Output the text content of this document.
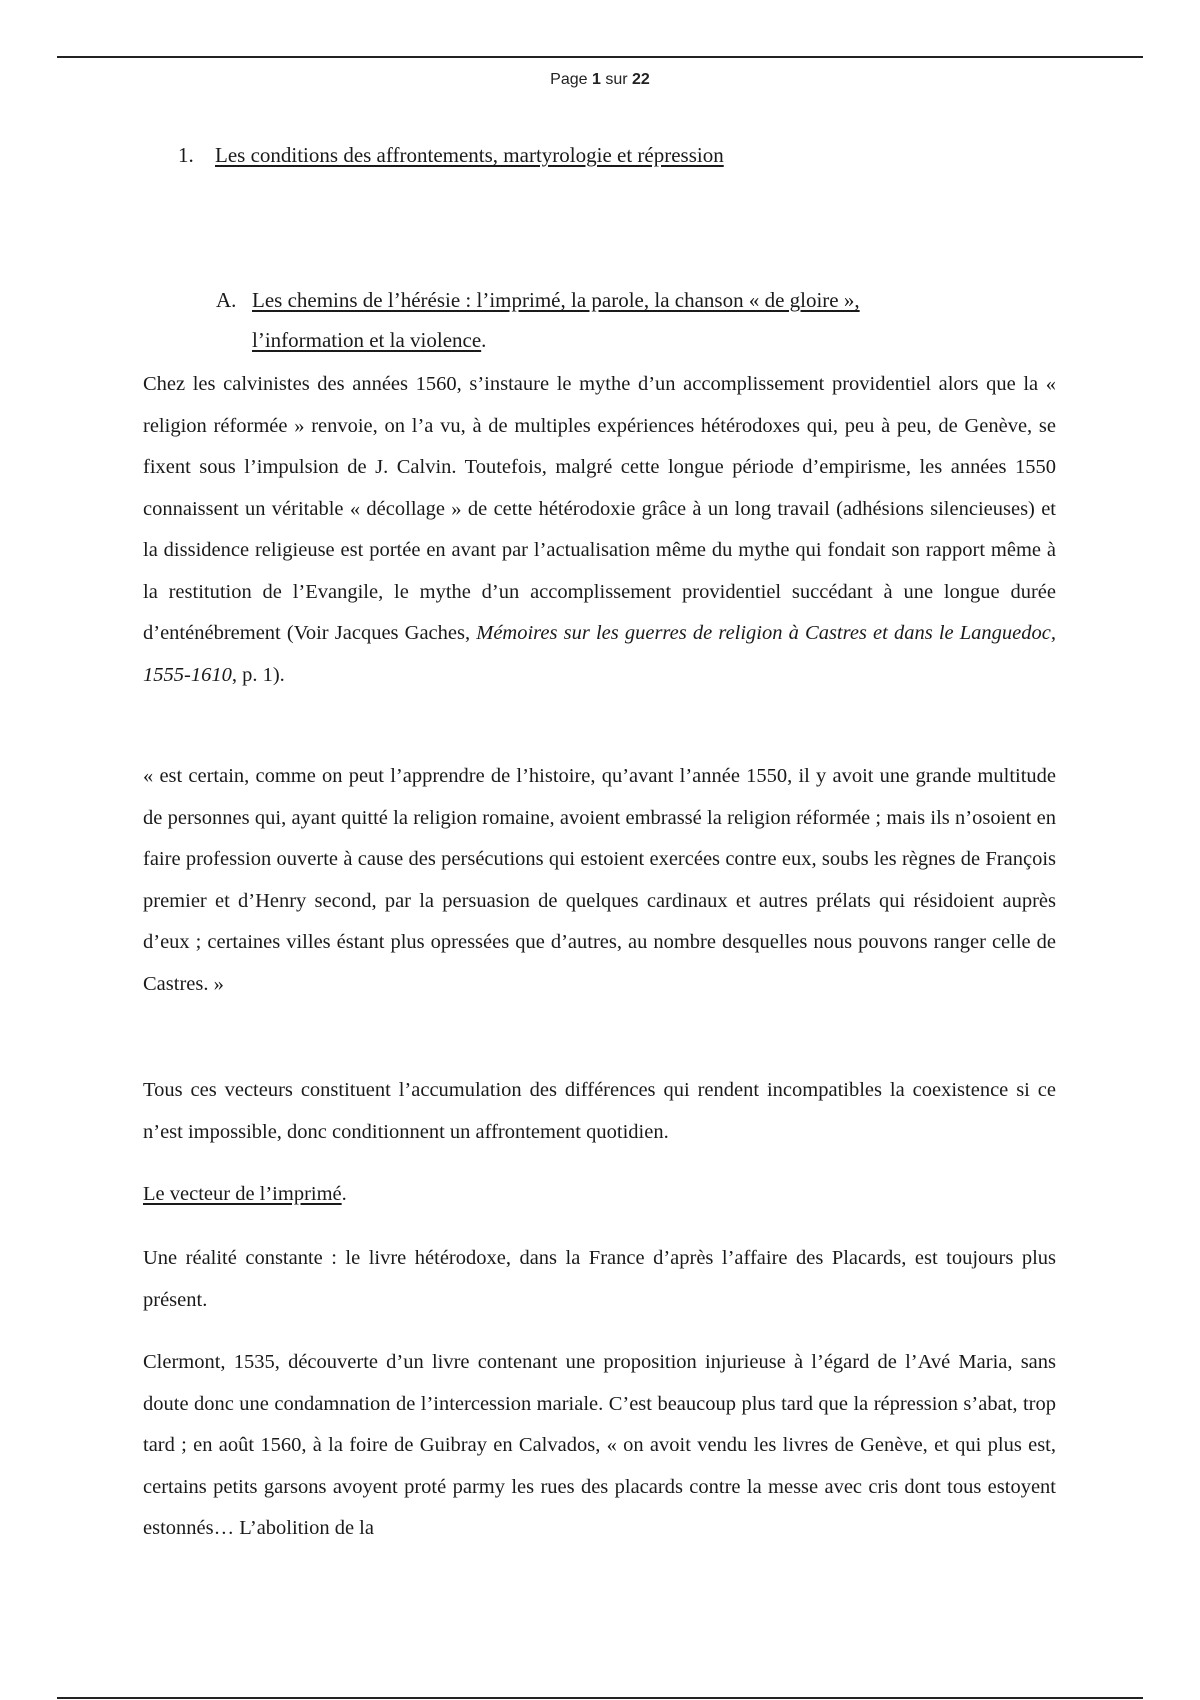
Page 1 sur 22
1. Les conditions des affrontements, martyrologie et répression
A. Les chemins de l’hérésie : l’imprimé, la parole, la chanson « de gloire », l’information et la violence.

Chez les calvinistes des années 1560, s’instaure le mythe d’un accomplissement providentiel alors que la « religion réformée » renvoie, on l’a vu, à de multiples expériences hétérodoxes qui, peu à peu, de Genève, se fixent sous l’impulsion de J. Calvin. Toutefois, malgré cette longue période d’empirisme, les années 1550 connaissent un véritable « décollage » de cette hétérodoxie grâce à un long travail (adhésions silencieuses) et la dissidence religieuse est portée en avant par l’actualisation même du mythe qui fondait son rapport même à la restitution de l’Evangile, le mythe d’un accomplissement providentiel succédant à une longue durée d’enténébrement (Voir Jacques Gaches, Mémoires sur les guerres de religion à Castres et dans le Languedoc, 1555-1610, p. 1).

« est certain, comme on peut l’apprendre de l’histoire, qu’avant l’année 1550, il y avoit une grande multitude de personnes qui, ayant quitté la religion romaine, avoient embrassé la religion réformée ; mais ils n’osoient en faire profession ouverte à cause des persécutions qui estoient exercées contre eux, soubs les règnes de François premier et d’Henry second, par la persuasion de quelques cardinaux et autres prélats qui résidoient auprès d’eux ; certaines villes éstant plus opressées que d’autres, au nombre desquelles nous pouvons ranger celle de Castres. »

Tous ces vecteurs constituent l’accumulation des différences qui rendent incompatibles la coexistence si ce n’est impossible, donc conditionnent un affrontement quotidien.

Le vecteur de l’imprimé.

Une réalité constante : le livre hétérodoxe, dans la France d’après l’affaire des Placards, est toujours plus présent.

Clermont, 1535, découverte d’un livre contenant une proposition injurieuse à l’égard de l’Avé Maria, sans doute donc une condamnation de l’intercession mariale. C’est beaucoup plus tard que la répression s’abat, trop tard ; en août 1560, à la foire de Guibray en Calvados, « on avoit vendu les livres de Genève, et qui plus est, certains petits garsons avoyent proté parmy les rues des placards contre la messe avec cris dont tous estoyent estonnés… L’abolition de la
